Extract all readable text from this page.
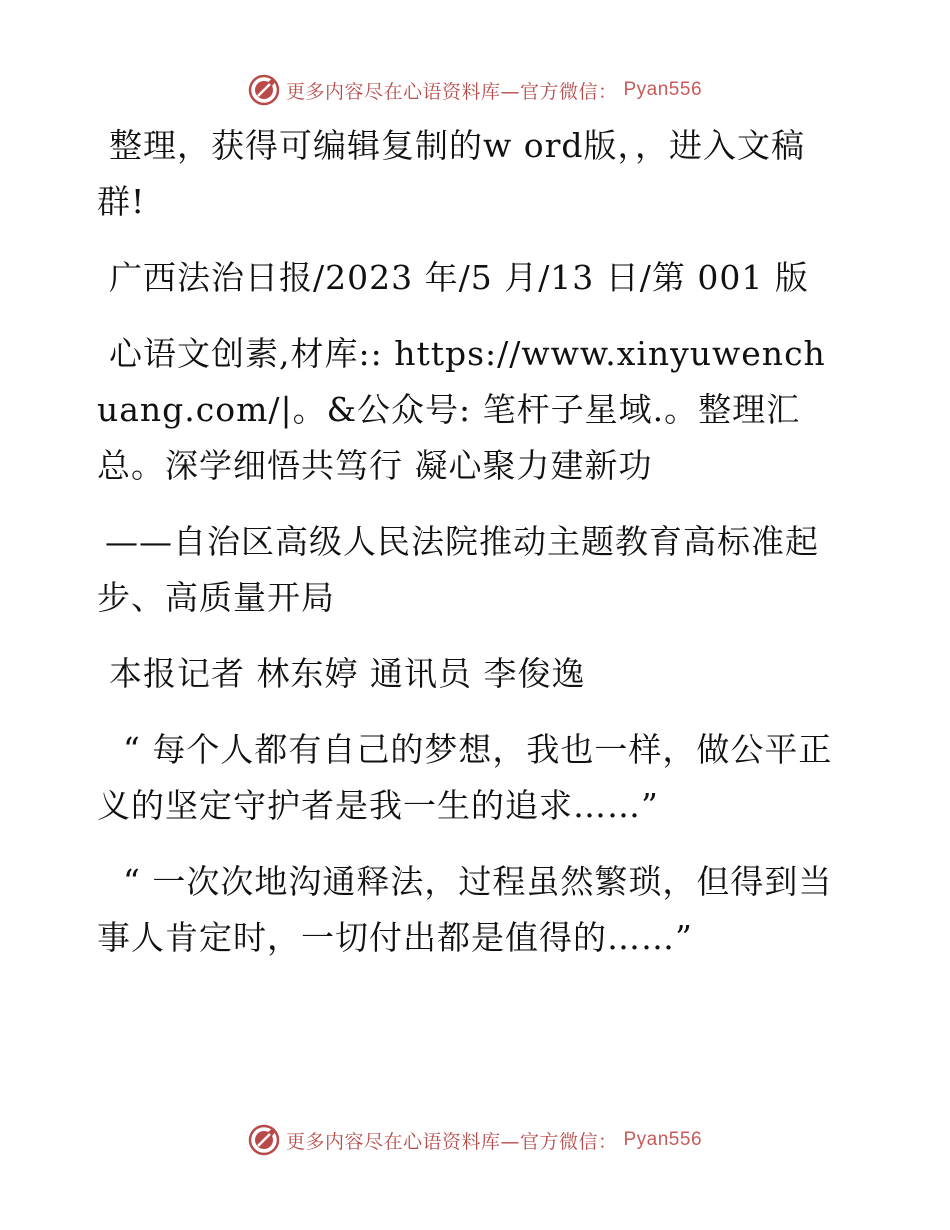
更多内容尽在心语资料库—官方微信： Pyan556

整理，获得可编辑复制的w ord版，，进入文稿群!

广西法治日报/2023 年/5 月/13 日/第 001 版

心语文创素,材库:: https://www.xinyuwenchuang.com/|。&公众号: 笔杆子星域.。整理汇总。深学细悟共笃行 凝心聚力建新功

——自治区高级人民法院推动主题教育高标准起步、高质量开局

本报记者 林东婷 通讯员 李俊逸

“ 每个人都有自己的梦想，我也一样，做公平正义的坚定守护者是我一生的追求……”

“ 一次次地沟通释法，过程虽然繁琐，但得到当事人肯定时，一切付出都是值得的……”

更多内容尽在心语资料库—官方微信： Pyan556
